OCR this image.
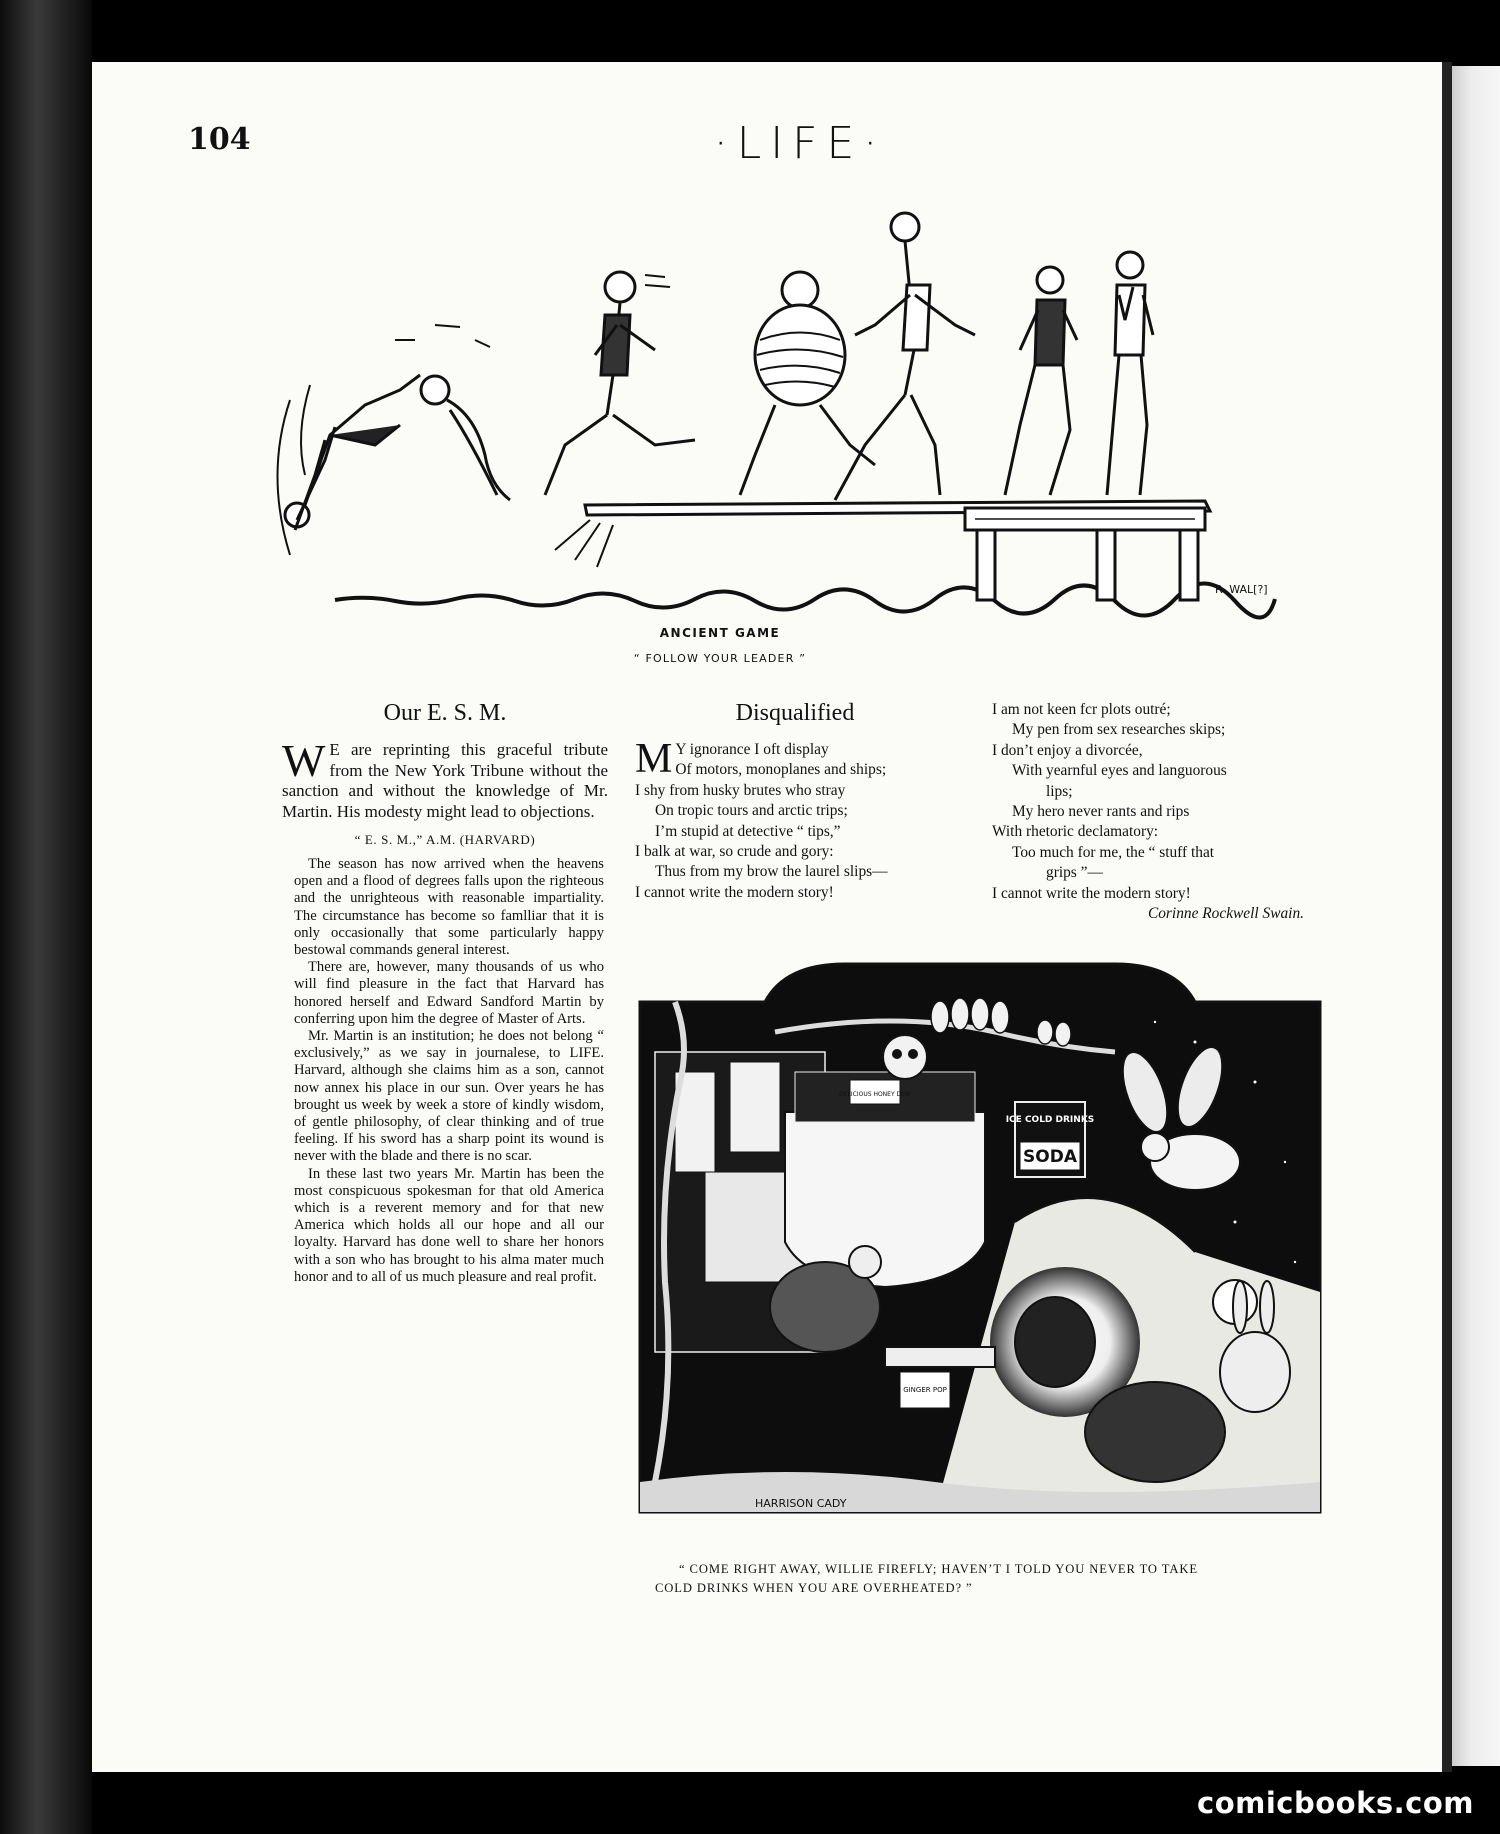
104	·LIFE·
R. WAL[?]
ANCIENT GAME
“ FOLLOW YOUR LEADER ”
Our E. S. M.

W E are reprinting this graceful tribute from the New York Tribune without the sanction and without the knowledge of Mr. Martin. His modesty might lead to objections.

“ E. S. M.,” A.M. (HARVARD)

The season has now arrived when the heavens open and a flood of degrees falls upon the righteous and the unrighteous with reasonable impartiality. The circumstance has become so famlliar that it is only occasionally that some particularly happy bestowal commands general interest.

There are, however, many thousands of us who will find pleasure in the fact that Harvard has honored herself and Edward Sandford Martin by conferring upon him the degree of Master of Arts.

Mr. Martin is an institution; he does not belong “ exclusively,” as we say in journalese, to LIFE. Harvard, although she claims him as a son, cannot now annex his place in our sun. Over years he has brought us week by week a store of kindly wisdom, of gentle philosophy, of clear thinking and of true feeling. If his sword has a sharp point its wound is never with the blade and there is no scar.

In these last two years Mr. Martin has been the most conspicuous spokesman for that old America which is a reverent memory and for that new America which holds all our hope and all our loyalty. Harvard has done well to share her honors with a son who has brought to his alma mater much honor and to all of us much pleasure and real profit.

Disqualified
M Y ignorance I oft display
Of motors, monoplanes and ships;
I shy from husky brutes who stray
On tropic tours and arctic trips;
I’m stupid at detective “ tips,”
I balk at war, so crude and gory:
Thus from my brow the laurel slips—
I cannot write the modern story!
I am not keen fcr plots outré;
My pen from sex researches skips;
I don’t enjoy a divorcée,
With yearnful eyes and languorous
lips;
My hero never rants and rips
With rhetoric declamatory:
Too much for me, the “ stuff that
grips ”—
I cannot write the modern story!
Corinne Rockwell Swain.
ICE COLD DRINKS
SODA
DELICIOUS HONEY DEW
GINGER POP
HARRISON CADY
“ COME RIGHT AWAY, WILLIE FIREFLY; HAVEN’T I TOLD YOU NEVER TO TAKE
COLD DRINKS WHEN YOU ARE OVERHEATED? ”
comicbooks.com
